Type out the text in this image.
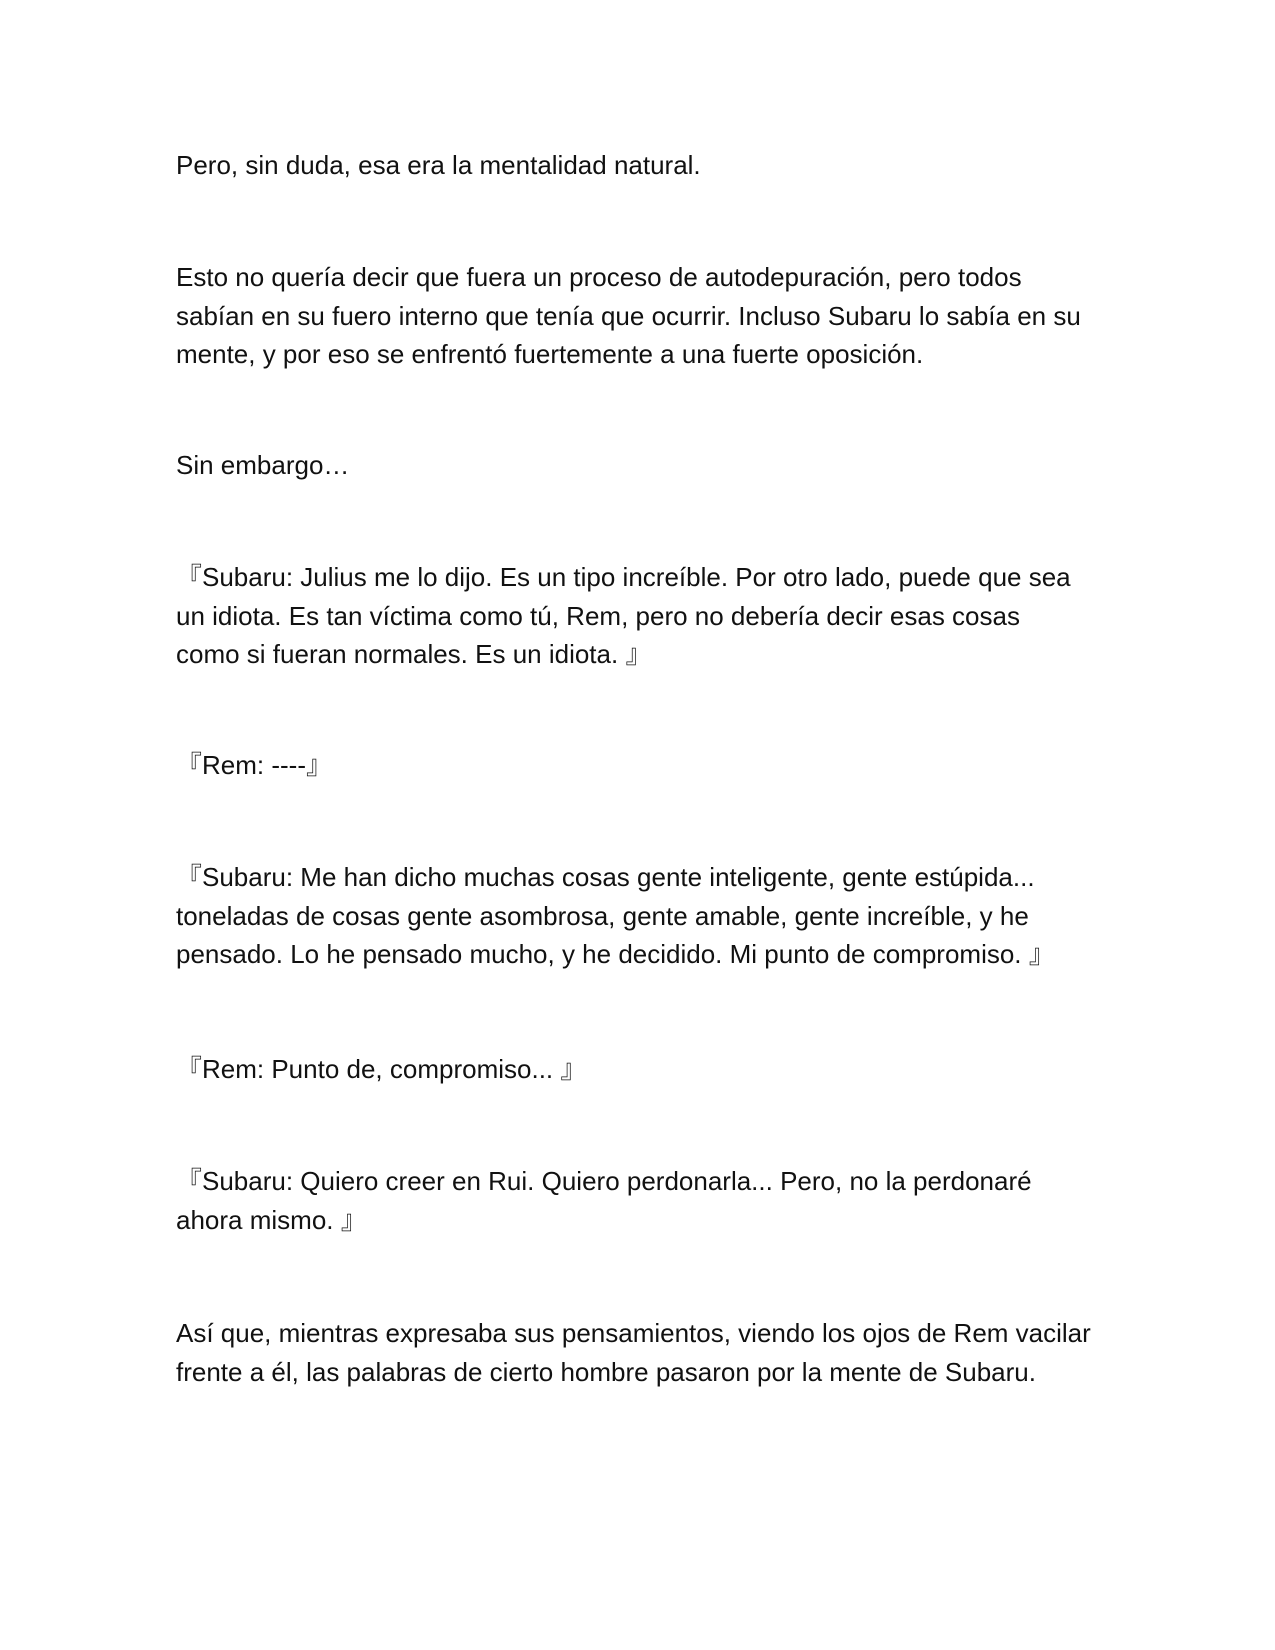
Pero, sin duda, esa era la mentalidad natural.

Esto no quería decir que fuera un proceso de autodepuración, pero todos
sabían en su fuero interno que tenía que ocurrir. Incluso Subaru lo sabía en su
mente, y por eso se enfrentó fuertemente a una fuerte oposición.

Sin embargo…

『Subaru: Julius me lo dijo. Es un tipo increíble. Por otro lado, puede que sea
un idiota. Es tan víctima como tú, Rem, pero no debería decir esas cosas
como si fueran normales. Es un idiota. 』

『Rem: ----』

『Subaru: Me han dicho muchas cosas gente inteligente, gente estúpida...
toneladas de cosas gente asombrosa, gente amable, gente increíble, y he
pensado. Lo he pensado mucho, y he decidido. Mi punto de compromiso. 』

『Rem: Punto de, compromiso... 』

『Subaru: Quiero creer en Rui. Quiero perdonarla... Pero, no la perdonaré
ahora mismo. 』

Así que, mientras expresaba sus pensamientos, viendo los ojos de Rem vacilar
frente a él, las palabras de cierto hombre pasaron por la mente de Subaru.
